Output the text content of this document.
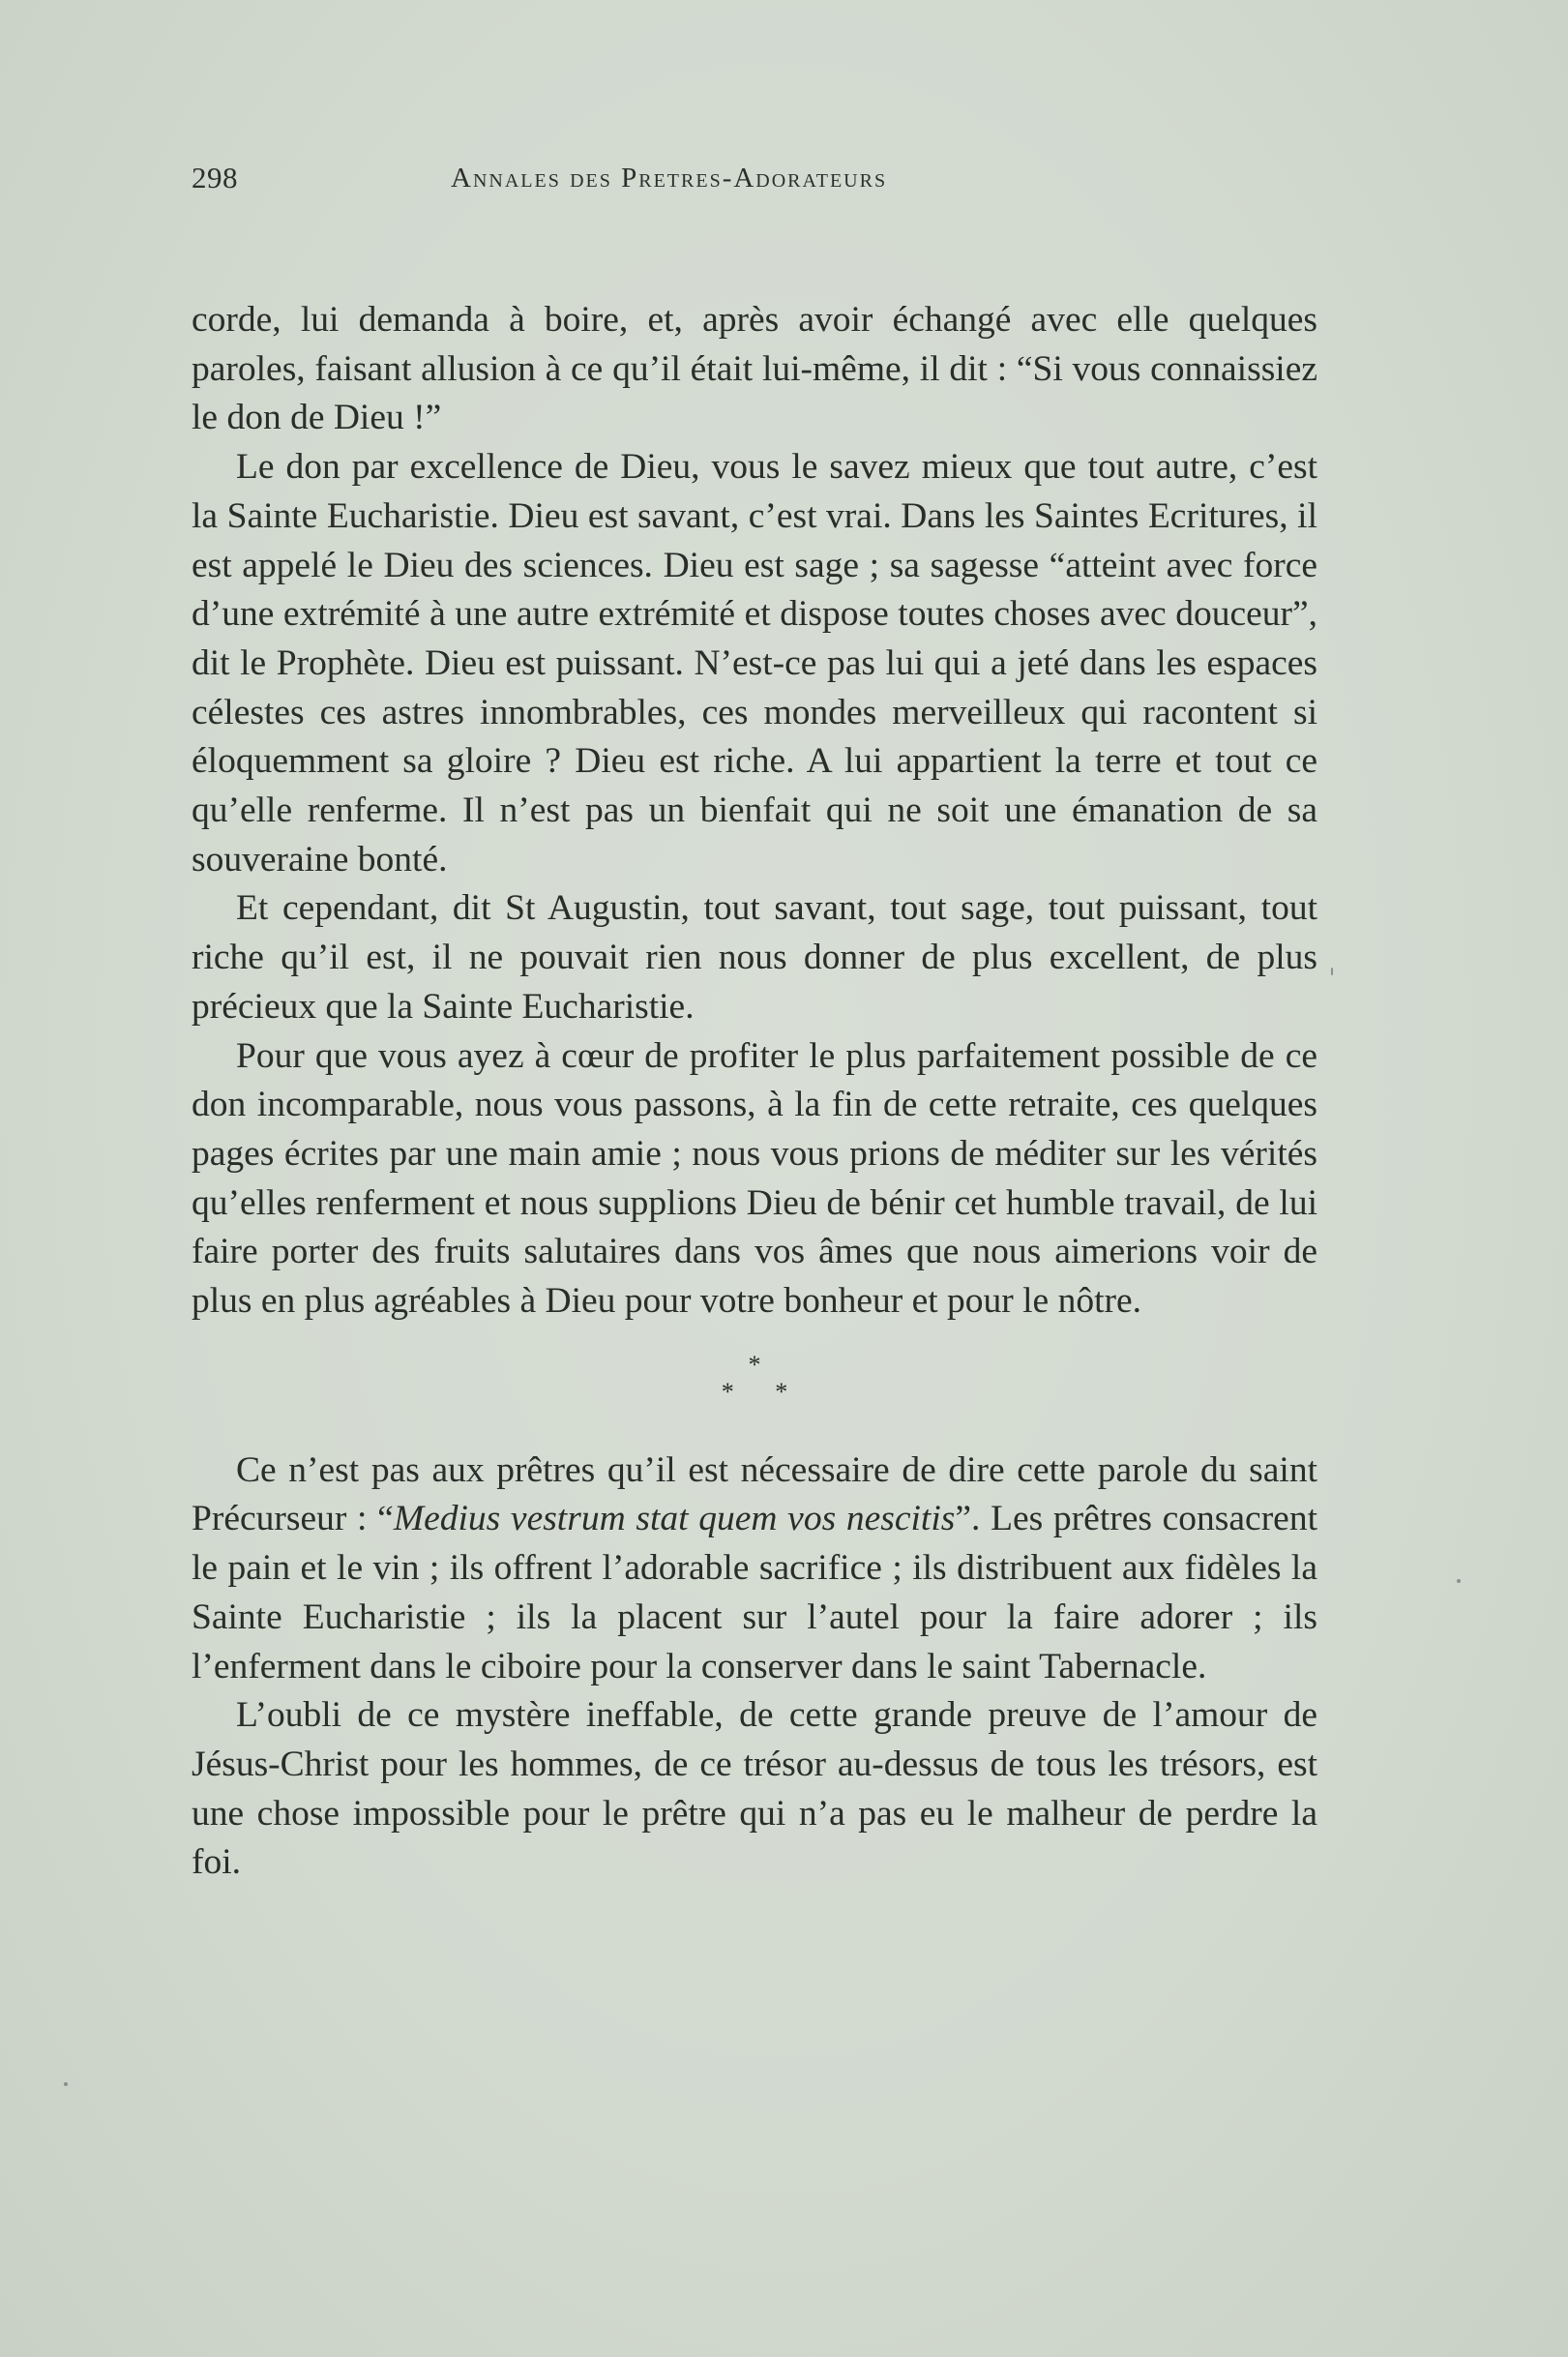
298	Annales des Pretres-Adorateurs

corde, lui demanda à boire, et, après avoir échangé avec elle quelques paroles, faisant allusion à ce qu’il était lui-même, il dit : “Si vous connaissiez le don de Dieu !”

Le don par excellence de Dieu, vous le savez mieux que tout autre, c’est la Sainte Eucharistie. Dieu est savant, c’est vrai. Dans les Saintes Ecritures, il est appelé le Dieu des sciences. Dieu est sage ; sa sagesse “atteint avec force d’une extrémité à une autre extrémité et dispose toutes choses avec douceur”, dit le Prophète. Dieu est puissant. N’est-ce pas lui qui a jeté dans les espaces célestes ces astres innombrables, ces mondes merveilleux qui racontent si éloquemment sa gloire ? Dieu est riche. A lui appartient la terre et tout ce qu’elle renferme. Il n’est pas un bienfait qui ne soit une émanation de sa souveraine bonté.

Et cependant, dit St Augustin, tout savant, tout sage, tout puissant, tout riche qu’il est, il ne pouvait rien nous donner de plus excellent, de plus précieux que la Sainte Eucharistie.

Pour que vous ayez à cœur de profiter le plus parfaitement possible de ce don incomparable, nous vous passons, à la fin de cette retraite, ces quelques pages écrites par une main amie ; nous vous prions de méditer sur les vérités qu’elles renferment et nous supplions Dieu de bénir cet humble travail, de lui faire porter des fruits salutaires dans vos âmes que nous aimerions voir de plus en plus agréables à Dieu pour votre bonheur et pour le nôtre.

*
* *

Ce n’est pas aux prêtres qu’il est nécessaire de dire cette parole du saint Précurseur : “Medius vestrum stat quem vos nescitis”. Les prêtres consacrent le pain et le vin ; ils offrent l’adorable sacrifice ; ils distribuent aux fidèles la Sainte Eucharistie ; ils la placent sur l’autel pour la faire adorer ; ils l’enferment dans le ciboire pour la conserver dans le saint Tabernacle.

L’oubli de ce mystère ineffable, de cette grande preuve de l’amour de Jésus-Christ pour les hommes, de ce trésor au-dessus de tous les trésors, est une chose impossible pour le prêtre qui n’a pas eu le malheur de perdre la foi.
